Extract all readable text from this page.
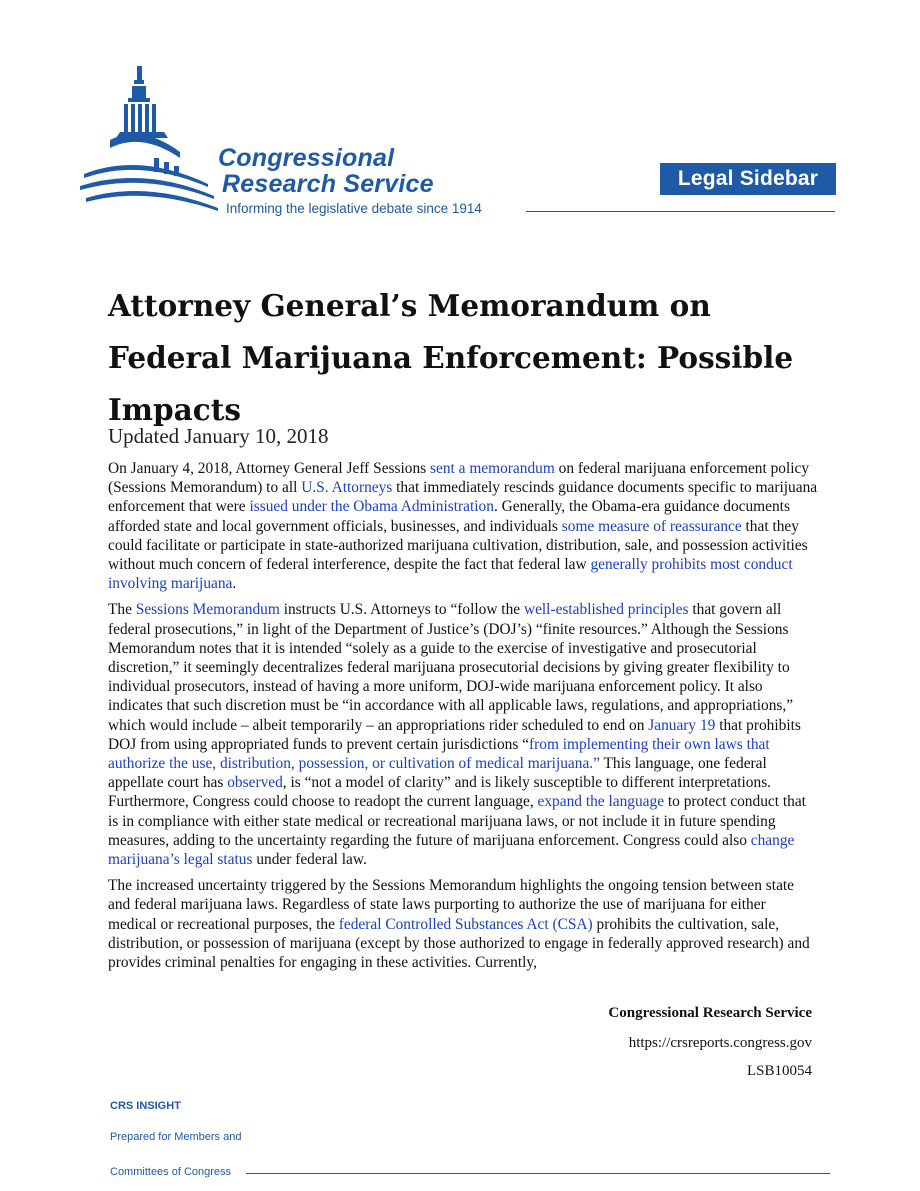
Congressional
Research Service
Informing the legislative debate since 1914
Legal Sidebar
Attorney General’s Memorandum on Federal Marijuana Enforcement: Possible Impacts
Updated January 10, 2018

On January 4, 2018, Attorney General Jeff Sessions sent a memorandum on federal marijuana enforcement policy (Sessions Memorandum) to all U.S. Attorneys that immediately rescinds guidance documents specific to marijuana enforcement that were issued under the Obama Administration. Generally, the Obama-era guidance documents afforded state and local government officials, businesses, and individuals some measure of reassurance that they could facilitate or participate in state-authorized marijuana cultivation, distribution, sale, and possession activities without much concern of federal interference, despite the fact that federal law generally prohibits most conduct involving marijuana.

The Sessions Memorandum instructs U.S. Attorneys to “follow the well-established principles that govern all federal prosecutions,” in light of the Department of Justice’s (DOJ’s) “finite resources.” Although the Sessions Memorandum notes that it is intended “solely as a guide to the exercise of investigative and prosecutorial discretion,” it seemingly decentralizes federal marijuana prosecutorial decisions by giving greater flexibility to individual prosecutors, instead of having a more uniform, DOJ-wide marijuana enforcement policy. It also indicates that such discretion must be “in accordance with all applicable laws, regulations, and appropriations,” which would include – albeit temporarily – an appropriations rider scheduled to end on January 19 that prohibits DOJ from using appropriated funds to prevent certain jurisdictions “from implementing their own laws that authorize the use, distribution, possession, or cultivation of medical marijuana.” This language, one federal appellate court has observed, is “not a model of clarity” and is likely susceptible to different interpretations. Furthermore, Congress could choose to readopt the current language, expand the language to protect conduct that is in compliance with either state medical or recreational marijuana laws, or not include it in future spending measures, adding to the uncertainty regarding the future of marijuana enforcement. Congress could also change marijuana’s legal status under federal law.

The increased uncertainty triggered by the Sessions Memorandum highlights the ongoing tension between state and federal marijuana laws. Regardless of state laws purporting to authorize the use of marijuana for either medical or recreational purposes, the federal Controlled Substances Act (CSA) prohibits the cultivation, sale, distribution, or possession of marijuana (except by those authorized to engage in federally approved research) and provides criminal penalties for engaging in these activities. Currently,

Congressional Research Service
https://crsreports.congress.gov
LSB10054
CRS INSIGHT
Prepared for Members and
Committees of Congress
